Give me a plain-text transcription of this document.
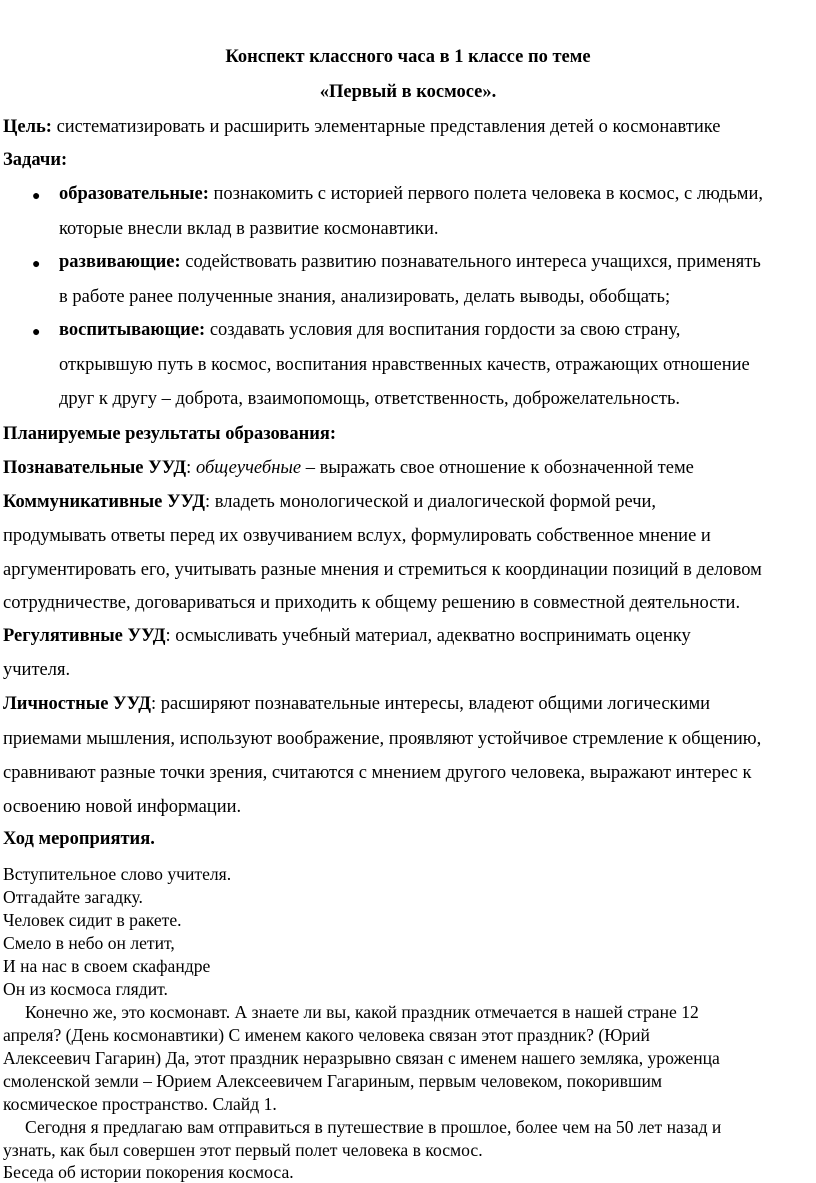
Конспект классного часа в 1 классе по теме
«Первый в космосе».
Цель: систематизировать и расширить элементарные представления детей о космонавтике
Задачи:
● образовательные: познакомить с историей первого полета человека в космос, с людьми,
которые внесли вклад в развитие космонавтики.
● развивающие: содействовать развитию познавательного интереса учащихся, применять
в работе ранее полученные знания, анализировать, делать выводы, обобщать;
● воспитывающие: создавать условия для воспитания гордости за свою страну,
открывшую путь в космос, воспитания нравственных качеств, отражающих отношение
друг к другу – доброта, взаимопомощь, ответственность, доброжелательность.
Планируемые результаты образования:
Познавательные УУД: общеучебные – выражать свое отношение к обозначенной теме
Коммуникативные УУД: владеть монологической и диалогической формой речи,
продумывать ответы перед их озвучиванием вслух, формулировать собственное мнение и
аргументировать его, учитывать разные мнения и стремиться к координации позиций в деловом
сотрудничестве, договариваться и приходить к общему решению в совместной деятельности.
Регулятивные УУД: осмысливать учебный материал, адекватно воспринимать оценку
учителя.
Личностные УУД: расширяют познавательные интересы, владеют общими логическими
приемами мышления, используют воображение, проявляют устойчивое стремление к общению,
сравнивают разные точки зрения, считаются с мнением другого человека, выражают интерес к
освоению новой информации.
Ход мероприятия.
Вступительное слово учителя.
Отгадайте загадку.
Человек сидит в ракете.
Смело в небо он летит,
И на нас в своем скафандре
Он из космоса глядит.
Конечно же, это космонавт. А знаете ли вы, какой праздник отмечается в нашей стране 12
апреля? (День космонавтики) С именем какого человека связан этот праздник? (Юрий
Алексеевич Гагарин) Да, этот праздник неразрывно связан с именем нашего земляка, уроженца
смоленской земли – Юрием Алексеевичем Гагариным, первым человеком, покорившим
космическое пространство. Слайд 1.
Сегодня я предлагаю вам отправиться в путешествие в прошлое, более чем на 50 лет назад и
узнать, как был совершен этот первый полет человека в космос.
Беседа об истории покорения космоса.
